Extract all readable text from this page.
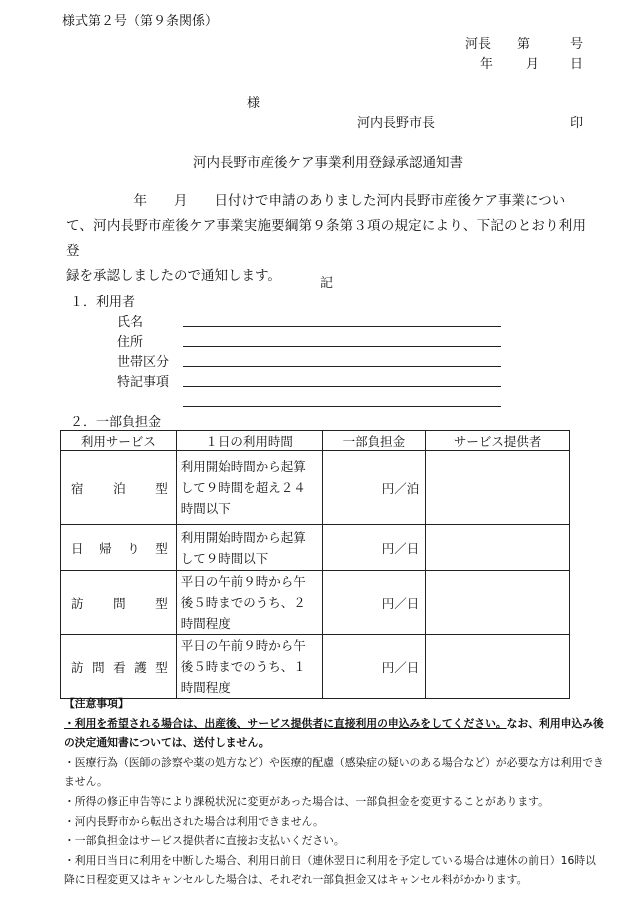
様式第２号（第９条関係）
河長 第	号
年	月 日
様
河内長野市長	印
河内長野市産後ケア事業利用登録承認通知書
　　　　　年　　月　　日付けで申請のありました河内長野市産後ケア事業につい
て、河内長野市産後ケア事業実施要綱第９条第３項の規定により、下記のとおり利用登
録を承認しましたので通知します。	記
１．利用者
氏名
住所
世帯区分
特記事項
２．一部負担金
利用サービス	１日の利用時間	一部負担金	サービス提供者
宿泊型	利用開始時間から起算して９時間を超え２４時間以下	円／泊	
日帰り型	利用開始時間から起算して９時間以下	円／日	
訪問型	平日の午前９時から午後５時までのうち、２時間程度	円／日	
訪問看護型	平日の午前９時から午後５時までのうち、１時間程度	円／日	
【注意事項】
・利用を希望される場合は、出産後、サービス提供者に直接利用の申込みをしてください。なお、利用申込み後の決定通知書については、送付しません。
・医療行為（医師の診察や薬の処方など）や医療的配慮（感染症の疑いのある場合など）が必要な方は利用できません。
・所得の修正申告等により課税状況に変更があった場合は、一部負担金を変更することがあります。
・河内長野市から転出された場合は利用できません。
・一部負担金はサービス提供者に直接お支払いください。
・利用日当日に利用を中断した場合、利用日前日（連休翌日に利用を予定している場合は連休の前日）16時以降に日程変更又はキャンセルした場合は、それぞれ一部負担金又はキャンセル料がかかります。
